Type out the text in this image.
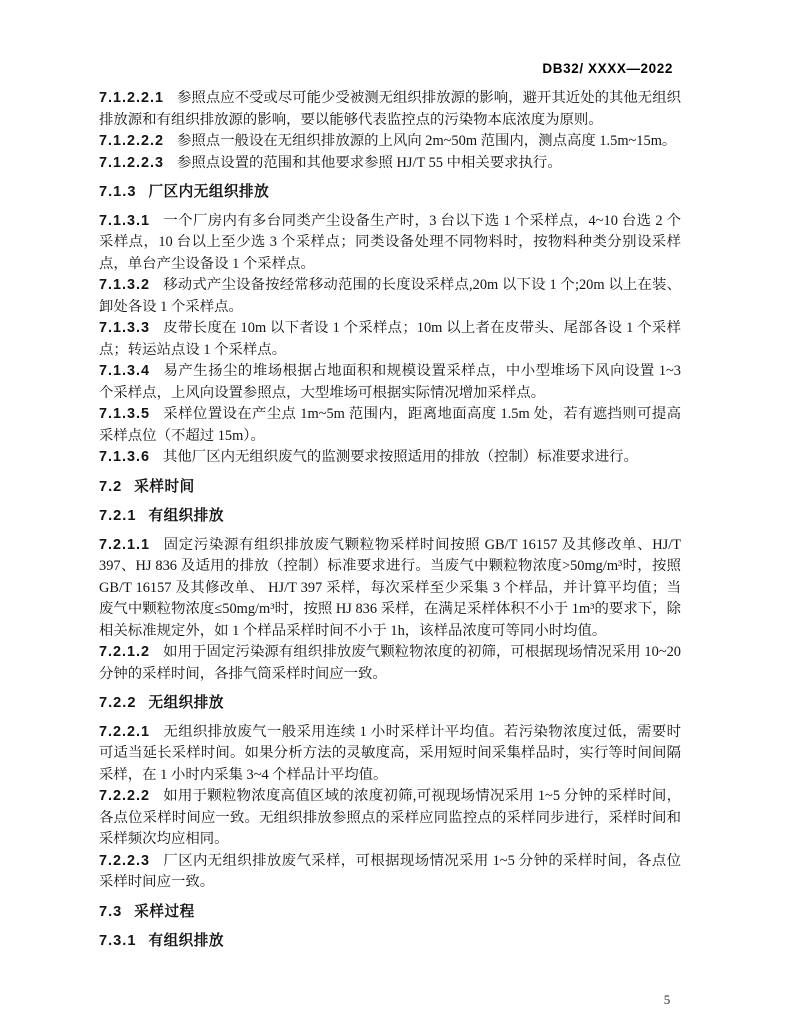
DB32/ XXXX—2022

7.1.2.2.1 参照点应不受或尽可能少受被测无组织排放源的影响，避开其近处的其他无组织排放源和有组织排放源的影响，要以能够代表监控点的污染物本底浓度为原则。

7.1.2.2.2 参照点一般设在无组织排放源的上风向 2m~50m 范围内，测点高度 1.5m~15m。

7.1.2.2.3 参照点设置的范围和其他要求参照 HJ/T 55 中相关要求执行。

7.1.3 厂区内无组织排放

7.1.3.1 一个厂房内有多台同类产尘设备生产时，3 台以下选 1 个采样点，4~10 台选 2 个采样点，10 台以上至少选 3 个采样点；同类设备处理不同物料时，按物料种类分别设采样点，单台产尘设备设 1 个采样点。

7.1.3.2 移动式产尘设备按经常移动范围的长度设采样点,20m 以下设 1 个;20m 以上在装、卸处各设 1 个采样点。

7.1.3.3 皮带长度在 10m 以下者设 1 个采样点；10m 以上者在皮带头、尾部各设 1 个采样点；转运站点设 1 个采样点。

7.1.3.4 易产生扬尘的堆场根据占地面积和规模设置采样点，中小型堆场下风向设置 1~3 个采样点，上风向设置参照点，大型堆场可根据实际情况增加采样点。

7.1.3.5 采样位置设在产尘点 1m~5m 范围内，距离地面高度 1.5m 处，若有遮挡则可提高采样点位（不超过 15m）。

7.1.3.6 其他厂区内无组织废气的监测要求按照适用的排放（控制）标准要求进行。

7.2 采样时间
7.2.1 有组织排放

7.2.1.1 固定污染源有组织排放废气颗粒物采样时间按照 GB/T 16157 及其修改单、HJ/T 397、HJ 836 及适用的排放（控制）标准要求进行。当废气中颗粒物浓度>50mg/m³时，按照 GB/T 16157 及其修改单、 HJ/T 397 采样，每次采样至少采集 3 个样品，并计算平均值；当废气中颗粒物浓度≤50mg/m³时，按照 HJ 836 采样，在满足采样体积不小于 1m³的要求下，除相关标准规定外，如 1 个样品采样时间不小于 1h，该样品浓度可等同小时均值。

7.2.1.2 如用于固定污染源有组织排放废气颗粒物浓度的初筛，可根据现场情况采用 10~20 分钟的采样时间，各排气筒采样时间应一致。

7.2.2 无组织排放

7.2.2.1 无组织排放废气一般采用连续 1 小时采样计平均值。若污染物浓度过低，需要时可适当延长采样时间。如果分析方法的灵敏度高，采用短时间采集样品时，实行等时间间隔采样，在 1 小时内采集 3~4 个样品计平均值。

7.2.2.2 如用于颗粒物浓度高值区域的浓度初筛,可视现场情况采用 1~5 分钟的采样时间，各点位采样时间应一致。无组织排放参照点的采样应同监控点的采样同步进行，采样时间和采样频次均应相同。

7.2.2.3 厂区内无组织排放废气采样，可根据现场情况采用 1~5 分钟的采样时间，各点位采样时间应一致。

7.3 采样过程
7.3.1 有组织排放
5
